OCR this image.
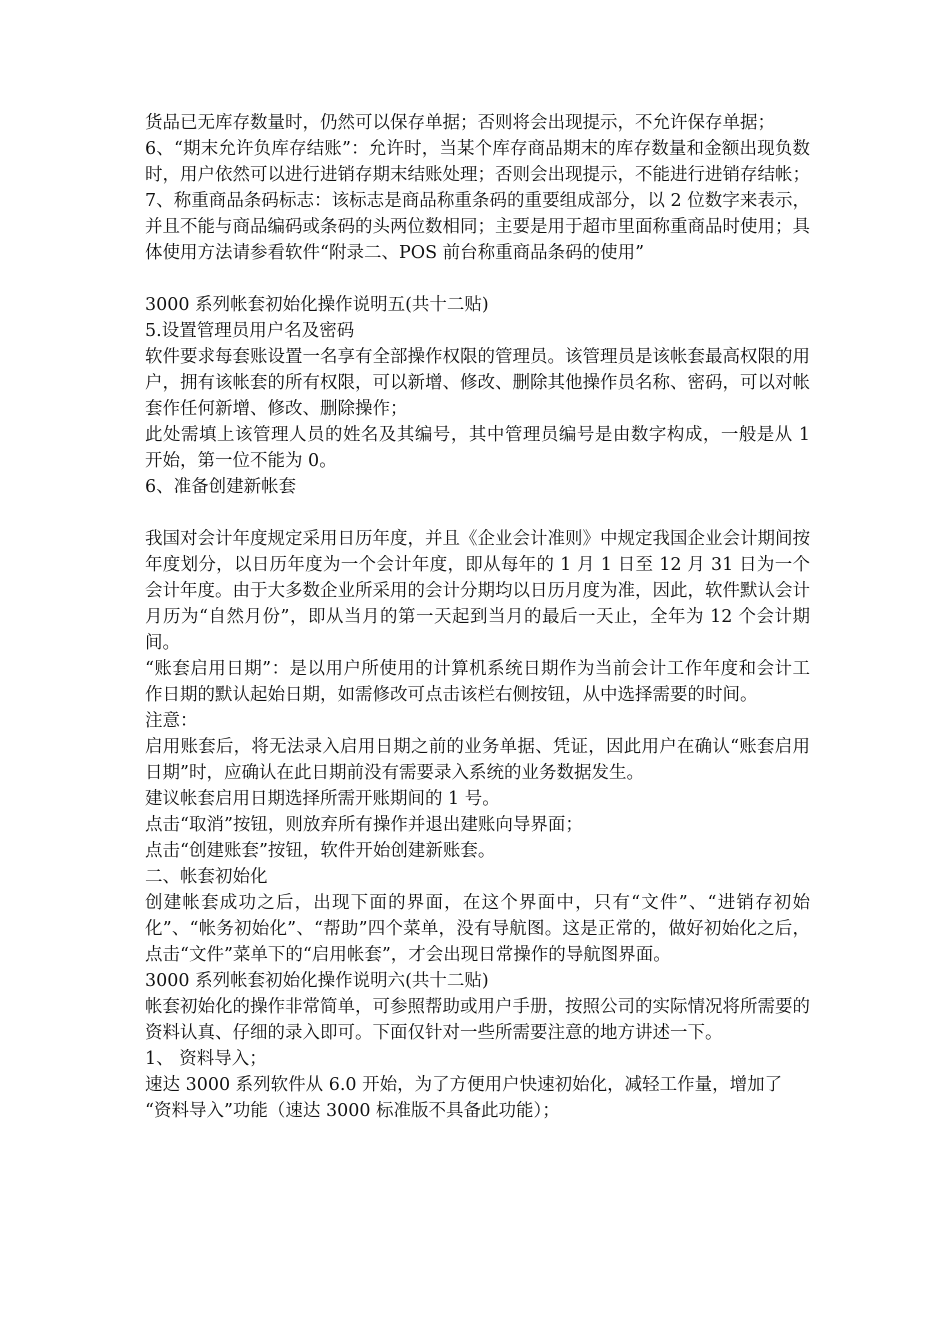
货品已无库存数量时，仍然可以保存单据；否则将会出现提示，不允许保存单据；

6、“期末允许负库存结账”：允许时，当某个库存商品期末的库存数量和金额出现负数时，用户依然可以进行进销存期末结账处理；否则会出现提示，不能进行进销存结帐；

7、称重商品条码标志：该标志是商品称重条码的重要组成部分，以 2 位数字来表示，并且不能与商品编码或条码的头两位数相同；主要是用于超市里面称重商品时使用；具体使用方法请参看软件“附录二、POS 前台称重商品条码的使用”

3000 系列帐套初始化操作说明五(共十二贴)

5.设置管理员用户名及密码

软件要求每套账设置一名享有全部操作权限的管理员。该管理员是该帐套最高权限的用户，拥有该帐套的所有权限，可以新增、修改、删除其他操作员名称、密码，可以对帐套作任何新增、修改、删除操作；

此处需填上该管理人员的姓名及其编号，其中管理员编号是由数字构成，一般是从 1 开始，第一位不能为 0。

6、准备创建新帐套

我国对会计年度规定采用日历年度，并且《企业会计准则》中规定我国企业会计期间按年度划分，以日历年度为一个会计年度，即从每年的 1 月 1 日至 12 月 31 日为一个会计年度。由于大多数企业所采用的会计分期均以日历月度为准，因此，软件默认会计月历为“自然月份”，即从当月的第一天起到当月的最后一天止，全年为 12 个会计期间。

“账套启用日期”：是以用户所使用的计算机系统日期作为当前会计工作年度和会计工作日期的默认起始日期，如需修改可点击该栏右侧按钮，从中选择需要的时间。

注意：

启用账套后，将无法录入启用日期之前的业务单据、凭证，因此用户在确认“账套启用日期”时，应确认在此日期前没有需要录入系统的业务数据发生。

建议帐套启用日期选择所需开账期间的 1 号。

点击“取消”按钮，则放弃所有操作并退出建账向导界面；

点击“创建账套”按钮，软件开始创建新账套。

二、帐套初始化

创建帐套成功之后，出现下面的界面，在这个界面中，只有“文件”、“进销存初始化”、“帐务初始化”、“帮助”四个菜单，没有导航图。这是正常的，做好初始化之后，点击“文件”菜单下的“启用帐套”，才会出现日常操作的导航图界面。

3000 系列帐套初始化操作说明六(共十二贴)

帐套初始化的操作非常简单，可参照帮助或用户手册，按照公司的实际情况将所需要的资料认真、仔细的录入即可。下面仅针对一些所需要注意的地方讲述一下。

1、 资料导入；

速达 3000 系列软件从 6.0 开始，为了方便用户快速初始化，减轻工作量，增加了

“资料导入”功能（速达 3000 标准版不具备此功能）；
